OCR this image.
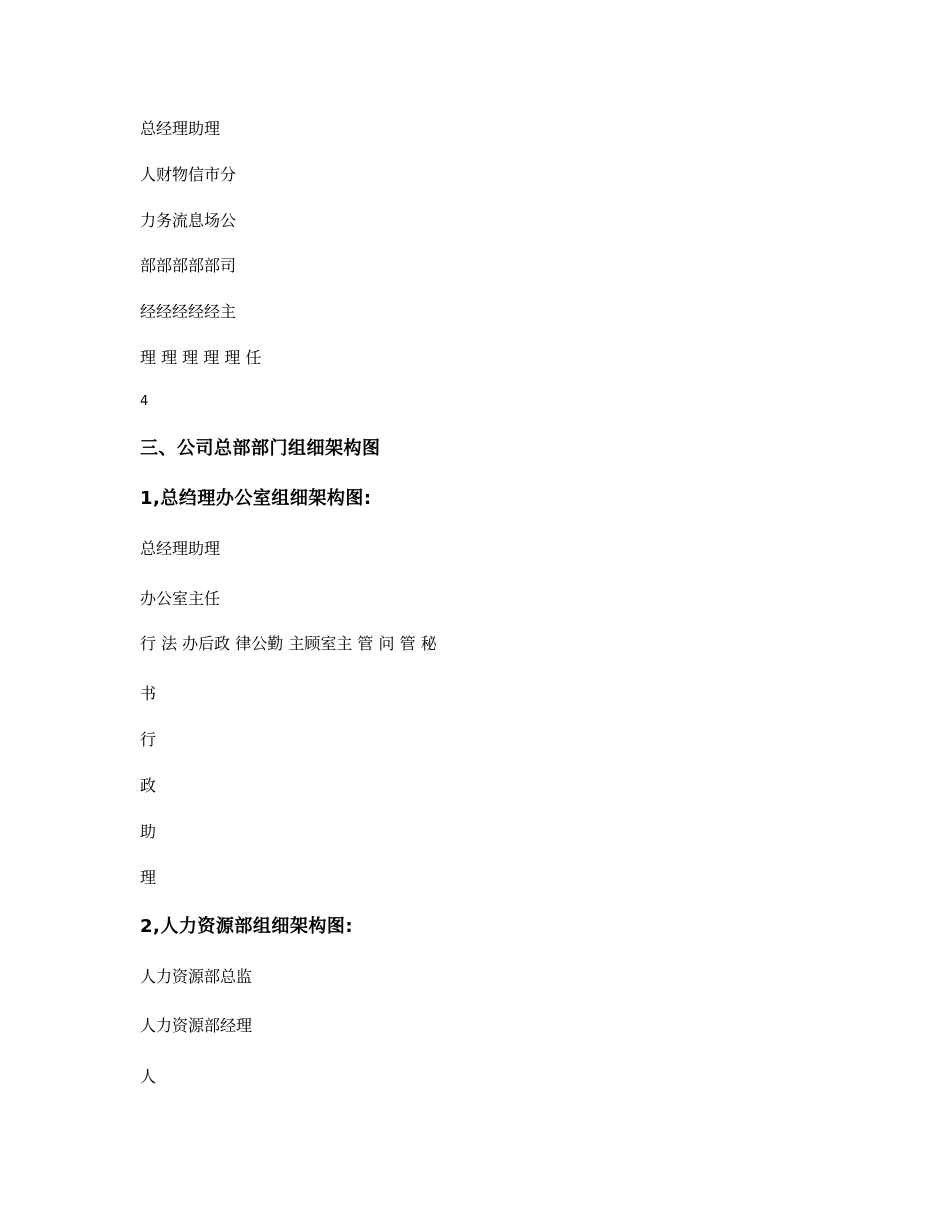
总经理助理

人财物信市分

力务流息场公

部部部部部司

经经经经经主

理 理 理 理 理 任

4

三、公司总部部门组细架构图
1,总绉理办公室组细架构图:

总经理助理

办公室主任

行 法 办后政 律公勤 主顾室主 管 问 管 秘

书

行

政

助

理

2,人力资源部组细架构图:

人力资源部总监

人力资源部经理

人
